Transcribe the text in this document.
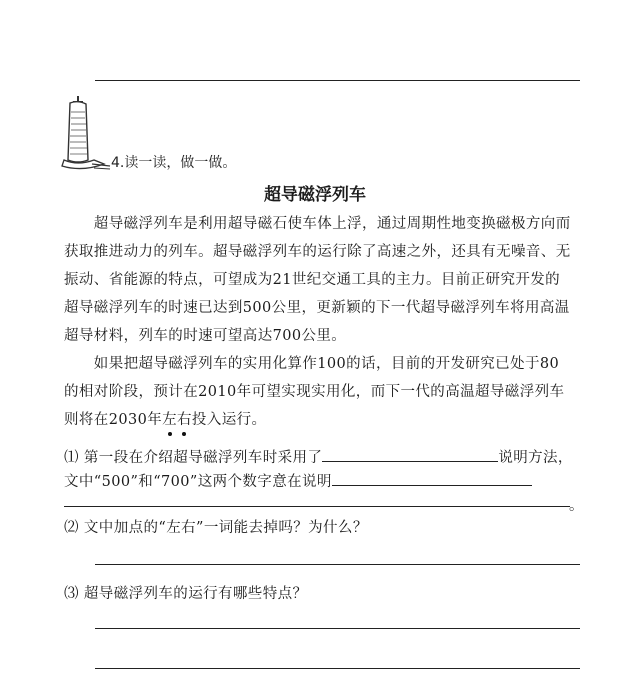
4.读一读，做一做。
超导磁浮列车
　　超导磁浮列车是利用超导磁石使车体上浮，通过周期性地变换磁极方向而
获取推进动力的列车。超导磁浮列车的运行除了高速之外，还具有无噪音、无
振动、省能源的特点，可望成为21世纪交通工具的主力。目前正研究开发的
超导磁浮列车的时速已达到500公里，更新颖的下一代超导磁浮列车将用高温
超导材料，列车的时速可望高达700公里。
　　如果把超导磁浮列车的实用化算作100的话，目前的开发研究已处于80
的相对阶段，预计在2010年可望实现实用化，而下一代的高温超导磁浮列车
则将在2030年左右投入运行。
⑴ 第一段在介绍超导磁浮列车时采用了	说明方法，
文中“500”和“700”这两个数字意在说明
。
⑵ 文中加点的“左右”一词能去掉吗？为什么？
⑶ 超导磁浮列车的运行有哪些特点？
